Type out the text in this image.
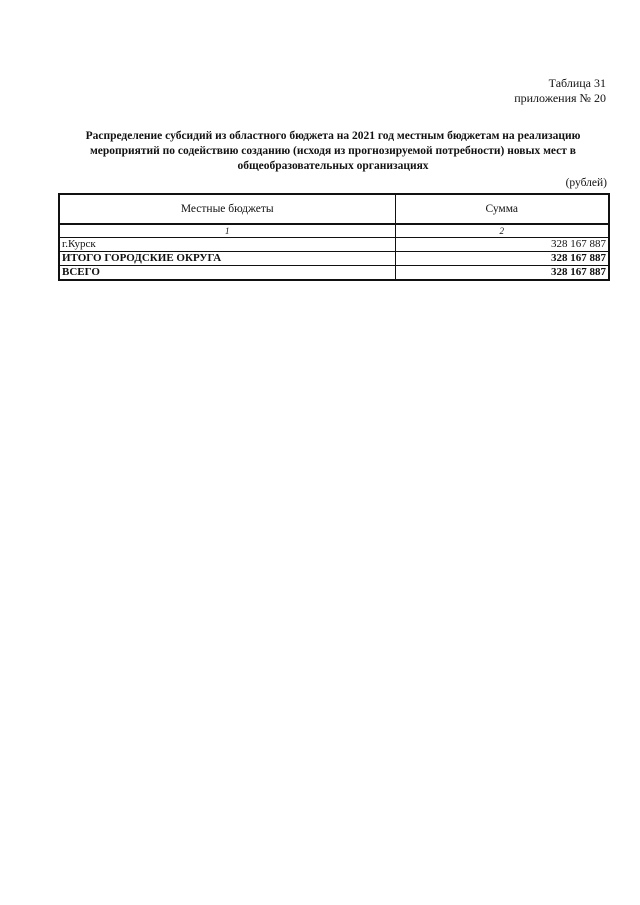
Таблица 31
приложения № 20
Распределение субсидий из областного бюджета на 2021 год местным бюджетам на реализацию
мероприятий по содействию созданию (исходя из прогнозируемой потребности) новых мест в
общеобразовательных организациях
(рублей)
Местные бюджеты	Сумма
1	2
г.Курск	328 167 887
ИТОГО ГОРОДСКИЕ ОКРУГА	328 167 887
ВСЕГО	328 167 887
